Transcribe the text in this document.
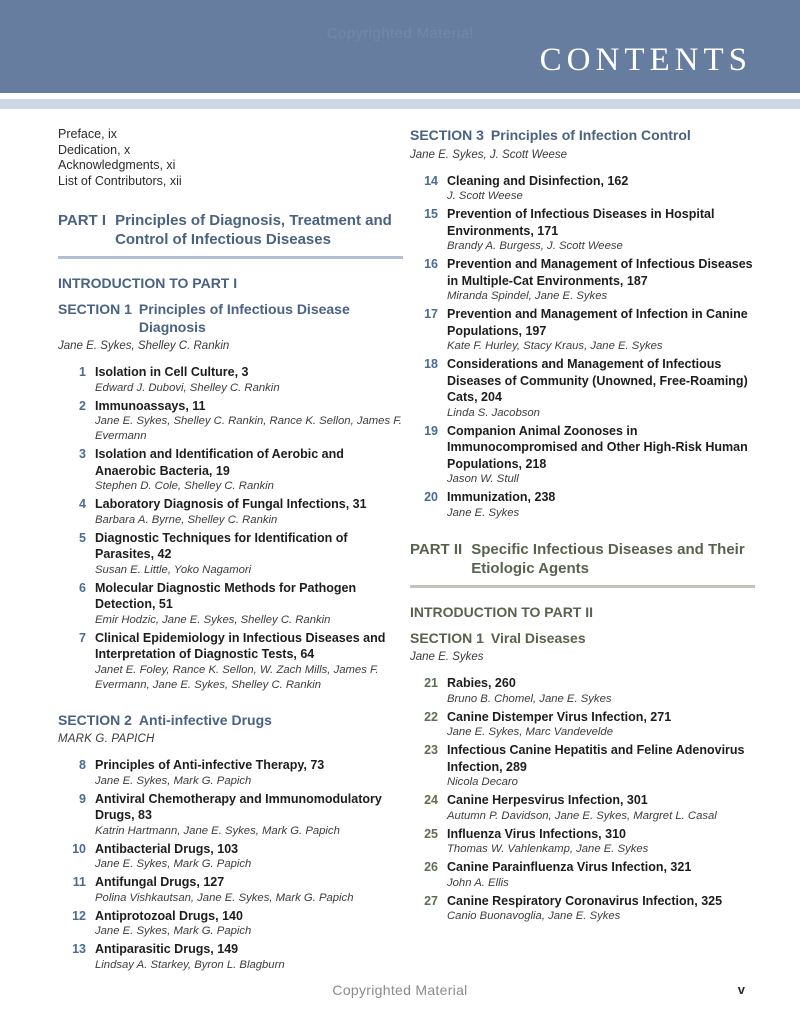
Copyrighted Material
CONTENTS
Preface, ix
Dedication, x
Acknowledgments, xi
List of Contributors, xii
PART I Principles of Diagnosis, Treatment and
Control of Infectious Diseases
INTRODUCTION TO PART I
SECTION 1 Principles of Infectious Disease
Diagnosis
Jane E. Sykes, Shelley C. Rankin
1 Isolation in Cell Culture, 3
Edward J. Dubovi, Shelley C. Rankin
2 Immunoassays, 11
Jane E. Sykes, Shelley C. Rankin, Rance K. Sellon, James F. Evermann
3 Isolation and Identification of Aerobic and Anaerobic Bacteria, 19
Stephen D. Cole, Shelley C. Rankin
4 Laboratory Diagnosis of Fungal Infections, 31
Barbara A. Byrne, Shelley C. Rankin
5 Diagnostic Techniques for Identification of Parasites, 42
Susan E. Little, Yoko Nagamori
6 Molecular Diagnostic Methods for Pathogen Detection, 51
Emir Hodzic, Jane E. Sykes, Shelley C. Rankin
7 Clinical Epidemiology in Infectious Diseases and Interpretation of Diagnostic Tests, 64
Janet E. Foley, Rance K. Sellon, W. Zach Mills, James F. Evermann, Jane E. Sykes, Shelley C. Rankin
SECTION 2 Anti-infective Drugs
MARK G. PAPICH
8 Principles of Anti-infective Therapy, 73
Jane E. Sykes, Mark G. Papich
9 Antiviral Chemotherapy and Immunomodulatory Drugs, 83
Katrin Hartmann, Jane E. Sykes, Mark G. Papich
10 Antibacterial Drugs, 103
Jane E. Sykes, Mark G. Papich
11 Antifungal Drugs, 127
Polina Vishkautsan, Jane E. Sykes, Mark G. Papich
12 Antiprotozoal Drugs, 140
Jane E. Sykes, Mark G. Papich
13 Antiparasitic Drugs, 149
Lindsay A. Starkey, Byron L. Blagburn
SECTION 3 Principles of Infection Control
Jane E. Sykes, J. Scott Weese
14 Cleaning and Disinfection, 162
J. Scott Weese
15 Prevention of Infectious Diseases in Hospital Environments, 171
Brandy A. Burgess, J. Scott Weese
16 Prevention and Management of Infectious Diseases in Multiple-Cat Environments, 187
Miranda Spindel, Jane E. Sykes
17 Prevention and Management of Infection in Canine Populations, 197
Kate F. Hurley, Stacy Kraus, Jane E. Sykes
18 Considerations and Management of Infectious Diseases of Community (Unowned, Free-Roaming) Cats, 204
Linda S. Jacobson
19 Companion Animal Zoonoses in Immunocompromised and Other High-Risk Human Populations, 218
Jason W. Stull
20 Immunization, 238
Jane E. Sykes
PART II Specific Infectious Diseases and Their
Etiologic Agents
INTRODUCTION TO PART II
SECTION 1 Viral Diseases
Jane E. Sykes
21 Rabies, 260
Bruno B. Chomel, Jane E. Sykes
22 Canine Distemper Virus Infection, 271
Jane E. Sykes, Marc Vandevelde
23 Infectious Canine Hepatitis and Feline Adenovirus Infection, 289
Nicola Decaro
24 Canine Herpesvirus Infection, 301
Autumn P. Davidson, Jane E. Sykes, Margret L. Casal
25 Influenza Virus Infections, 310
Thomas W. Vahlenkamp, Jane E. Sykes
26 Canine Parainfluenza Virus Infection, 321
John A. Ellis
27 Canine Respiratory Coronavirus Infection, 325
Canio Buonavoglia, Jane E. Sykes
Copyrighted Material	v
